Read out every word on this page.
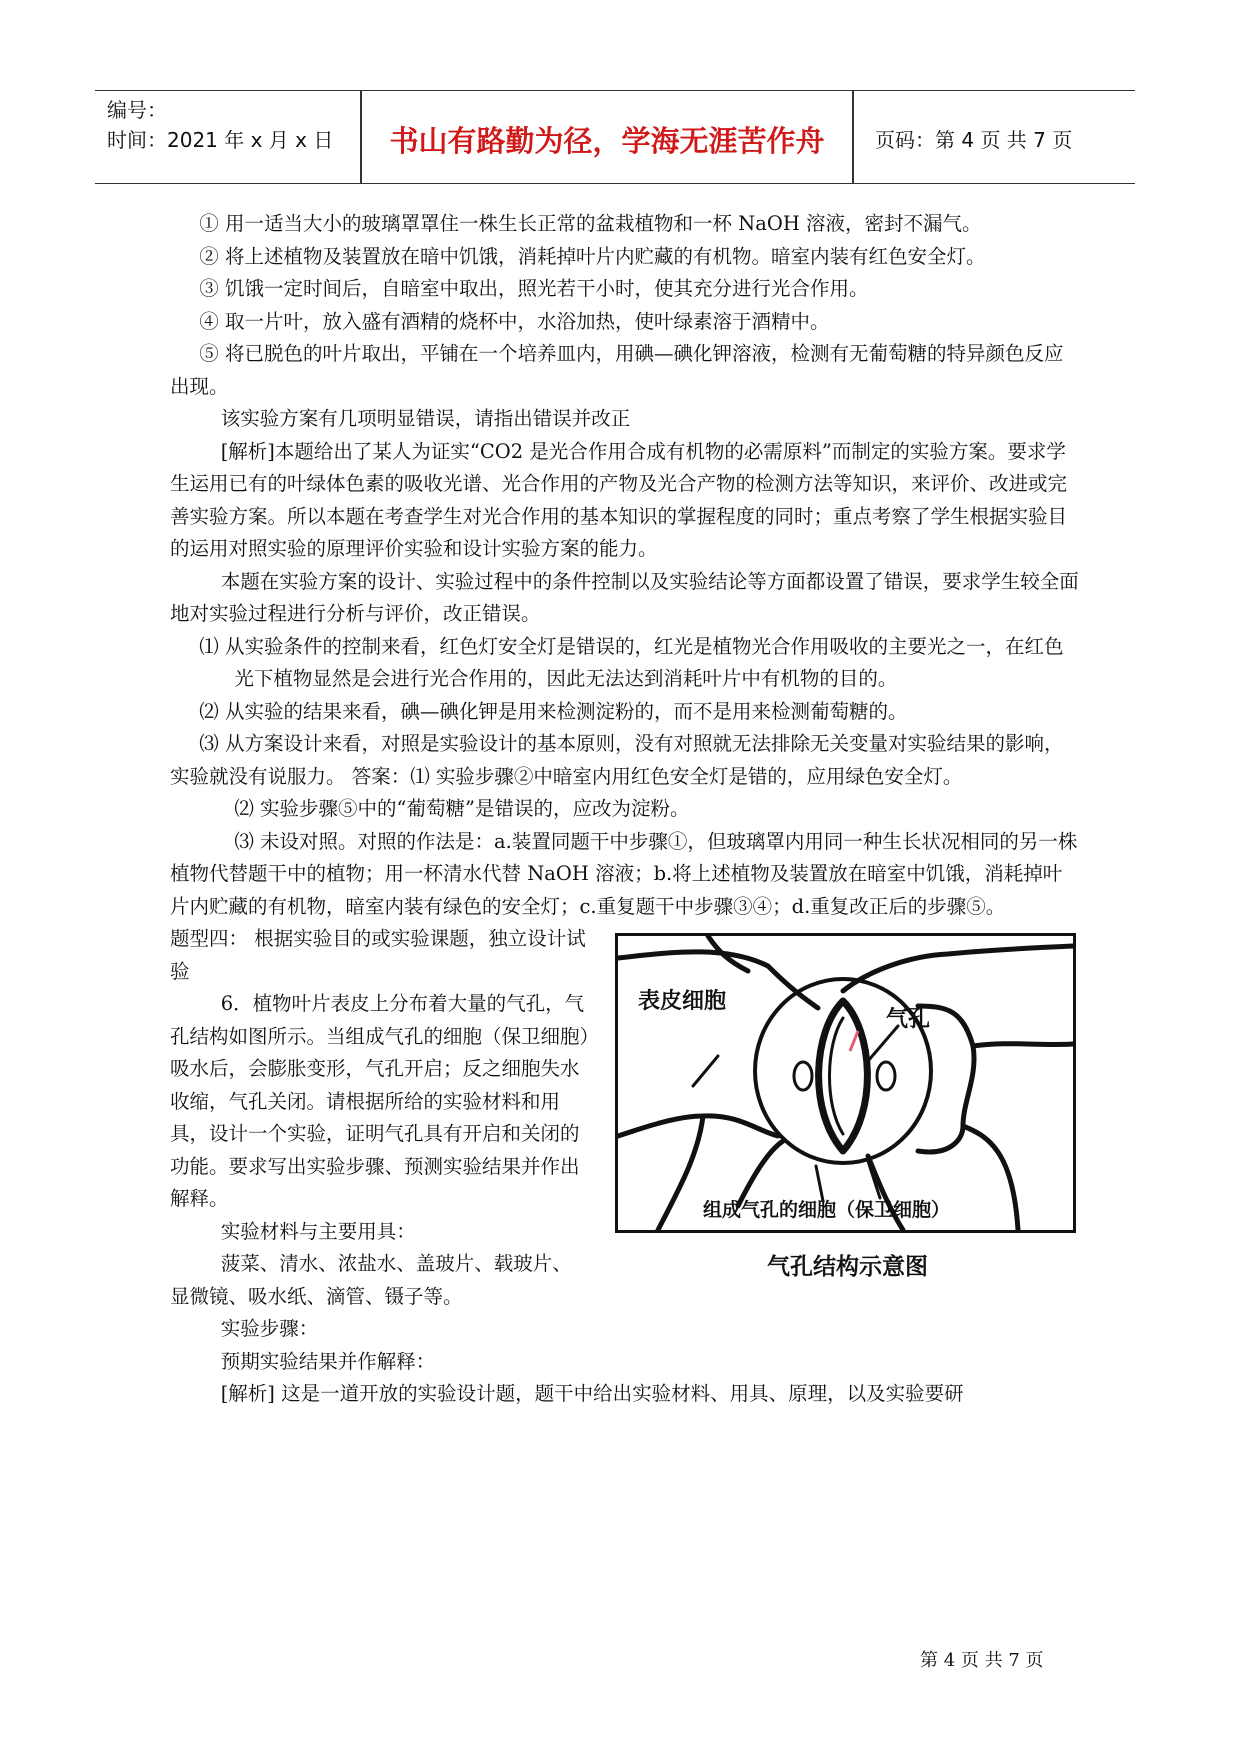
编号：
时间：2021 年 x 月 x 日	书山有路勤为径，学海无涯苦作舟	页码：第 4 页 共 7 页

① 用一适当大小的玻璃罩罩住一株生长正常的盆栽植物和一杯 NaOH 溶液，密封不漏气。

② 将上述植物及装置放在暗中饥饿，消耗掉叶片内贮藏的有机物。暗室内装有红色安全灯。

③ 饥饿一定时间后，自暗室中取出，照光若干小时，使其充分进行光合作用。

④ 取一片叶，放入盛有酒精的烧杯中，水浴加热，使叶绿素溶于酒精中。

⑤ 将已脱色的叶片取出，平铺在一个培养皿内，用碘—碘化钾溶液，检测有无葡萄糖的特异颜色反应出现。

该实验方案有几项明显错误，请指出错误并改正

[解析]本题给出了某人为证实“CO2 是光合作用合成有机物的必需原料”而制定的实验方案。要求学生运用已有的叶绿体色素的吸收光谱、光合作用的产物及光合产物的检测方法等知识，来评价、改进或完善实验方案。所以本题在考查学生对光合作用的基本知识的掌握程度的同时；重点考察了学生根据实验目的运用对照实验的原理评价实验和设计实验方案的能力。

本题在实验方案的设计、实验过程中的条件控制以及实验结论等方面都设置了错误，要求学生较全面地对实验过程进行分析与评价，改正错误。

⑴ 从实验条件的控制来看，红色灯安全灯是错误的，红光是植物光合作用吸收的主要光之一，在红色

光下植物显然是会进行光合作用的，因此无法达到消耗叶片中有机物的目的。

⑵ 从实验的结果来看，碘—碘化钾是用来检测淀粉的，而不是用来检测葡萄糖的。

⑶ 从方案设计来看，对照是实验设计的基本原则，没有对照就无法排除无关变量对实验结果的影响，实验就没有说服力。 答案：⑴ 实验步骤②中暗室内用红色安全灯是错的，应用绿色安全灯。

⑵ 实验步骤⑤中的“葡萄糖”是错误的，应改为淀粉。

⑶ 未设对照。对照的作法是：a.装置同题干中步骤①，但玻璃罩内用同一种生长状况相同的另一株植物代替题干中的植物；用一杯清水代替 NaOH 溶液；b.将上述植物及装置放在暗室中饥饿，消耗掉叶片内贮藏的有机物，暗室内装有绿色的安全灯；c.重复题干中步骤③④；d.重复改正后的步骤⑤。

题型四： 根据实验目的或实验课题，独立设计试验

6．植物叶片表皮上分布着大量的气孔，气孔结构如图所示。当组成气孔的细胞（保卫细胞）吸水后，会膨胀变形，气孔开启；反之细胞失水收缩，气孔关闭。请根据所给的实验材料和用具，设计一个实验，证明气孔具有开启和关闭的功能。要求写出实验步骤、预测实验结果并作出解释。

实验材料与主要用具：

菠菜、清水、浓盐水、盖玻片、载玻片、显微镜、吸水纸、滴管、镊子等。

表皮细胞
气孔
组成气孔的细胞（保卫细胞）
气孔结构示意图

实验步骤：

预期实验结果并作解释：

[解析] 这是一道开放的实验设计题，题干中给出实验材料、用具、原理，以及实验要研

第 4 页 共 7 页
